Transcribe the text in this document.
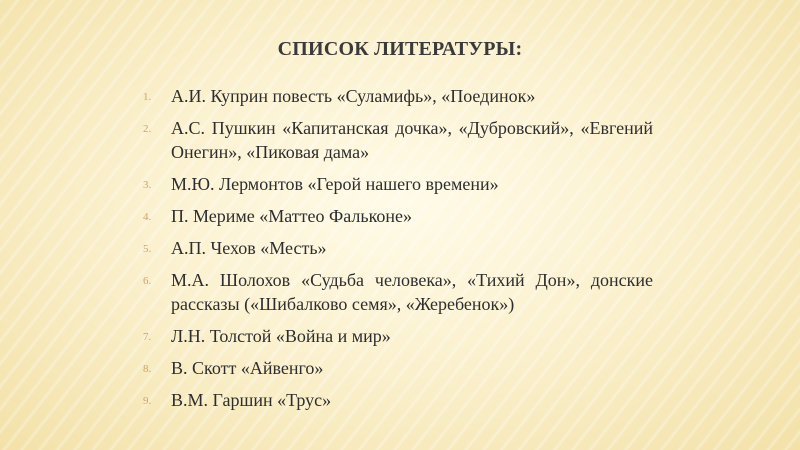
СПИСОК ЛИТЕРАТУРЫ:
1. А.И. Куприн повесть «Суламифь», «Поединок»
2. А.С. Пушкин «Капитанская дочка», «Дубровский», «Евгений Онегин», «Пиковая дама»
3. М.Ю. Лермонтов «Герой нашего времени»
4. П. Мериме «Маттео Фальконе»
5. А.П. Чехов «Месть»
6. М.А. Шолохов «Судьба человека», «Тихий Дон», донские рассказы («Шибалково семя», «Жеребенок»)
7. Л.Н. Толстой «Война и мир»
8. В. Скотт «Айвенго»
9. В.М. Гаршин «Трус»
